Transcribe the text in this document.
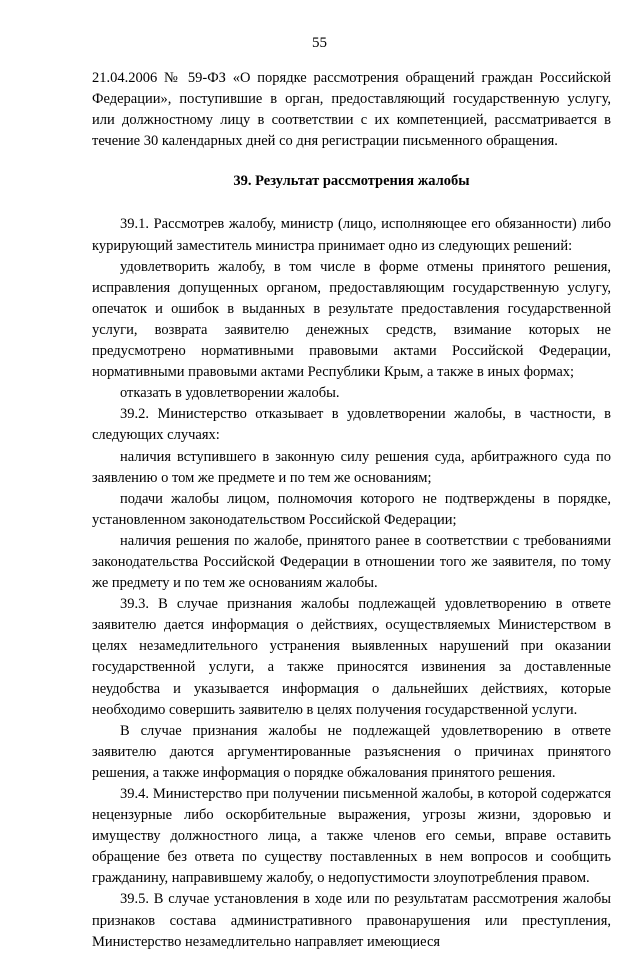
55

21.04.2006 № 59-ФЗ «О порядке рассмотрения обращений граждан Российской Федерации», поступившие в орган, предоставляющий государственную услугу, или должностному лицу в соответствии с их компетенцией, рассматривается в течение 30 календарных дней со дня регистрации письменного обращения.

39. Результат рассмотрения жалобы

39.1. Рассмотрев жалобу, министр (лицо, исполняющее его обязанности) либо курирующий заместитель министра принимает одно из следующих решений:

удовлетворить жалобу, в том числе в форме отмены принятого решения, исправления допущенных органом, предоставляющим государственную услугу, опечаток и ошибок в выданных в результате предоставления государственной услуги, возврата заявителю денежных средств, взимание которых не предусмотрено нормативными правовыми актами Российской Федерации, нормативными правовыми актами Республики Крым, а также в иных формах;

отказать в удовлетворении жалобы.

39.2. Министерство отказывает в удовлетворении жалобы, в частности, в следующих случаях:

наличия вступившего в законную силу решения суда, арбитражного суда по заявлению о том же предмете и по тем же основаниям;

подачи жалобы лицом, полномочия которого не подтверждены в порядке, установленном законодательством Российской Федерации;

наличия решения по жалобе, принятого ранее в соответствии с требованиями законодательства Российской Федерации в отношении того же заявителя, по тому же предмету и по тем же основаниям жалобы.

39.3. В случае признания жалобы подлежащей удовлетворению в ответе заявителю дается информация о действиях, осуществляемых Министерством в целях незамедлительного устранения выявленных нарушений при оказании государственной услуги, а также приносятся извинения за доставленные неудобства и указывается информация о дальнейших действиях, которые необходимо совершить заявителю в целях получения государственной услуги.

В случае признания жалобы не подлежащей удовлетворению в ответе заявителю даются аргументированные разъяснения о причинах принятого решения, а также информация о порядке обжалования принятого решения.

39.4. Министерство при получении письменной жалобы, в которой содержатся нецензурные либо оскорбительные выражения, угрозы жизни, здоровью и имуществу должностного лица, а также членов его семьи, вправе оставить обращение без ответа по существу поставленных в нем вопросов и сообщить гражданину, направившему жалобу, о недопустимости злоупотребления правом.

39.5. В случае установления в ходе или по результатам рассмотрения жалобы признаков состава административного правонарушения или преступления, Министерство незамедлительно направляет имеющиеся
